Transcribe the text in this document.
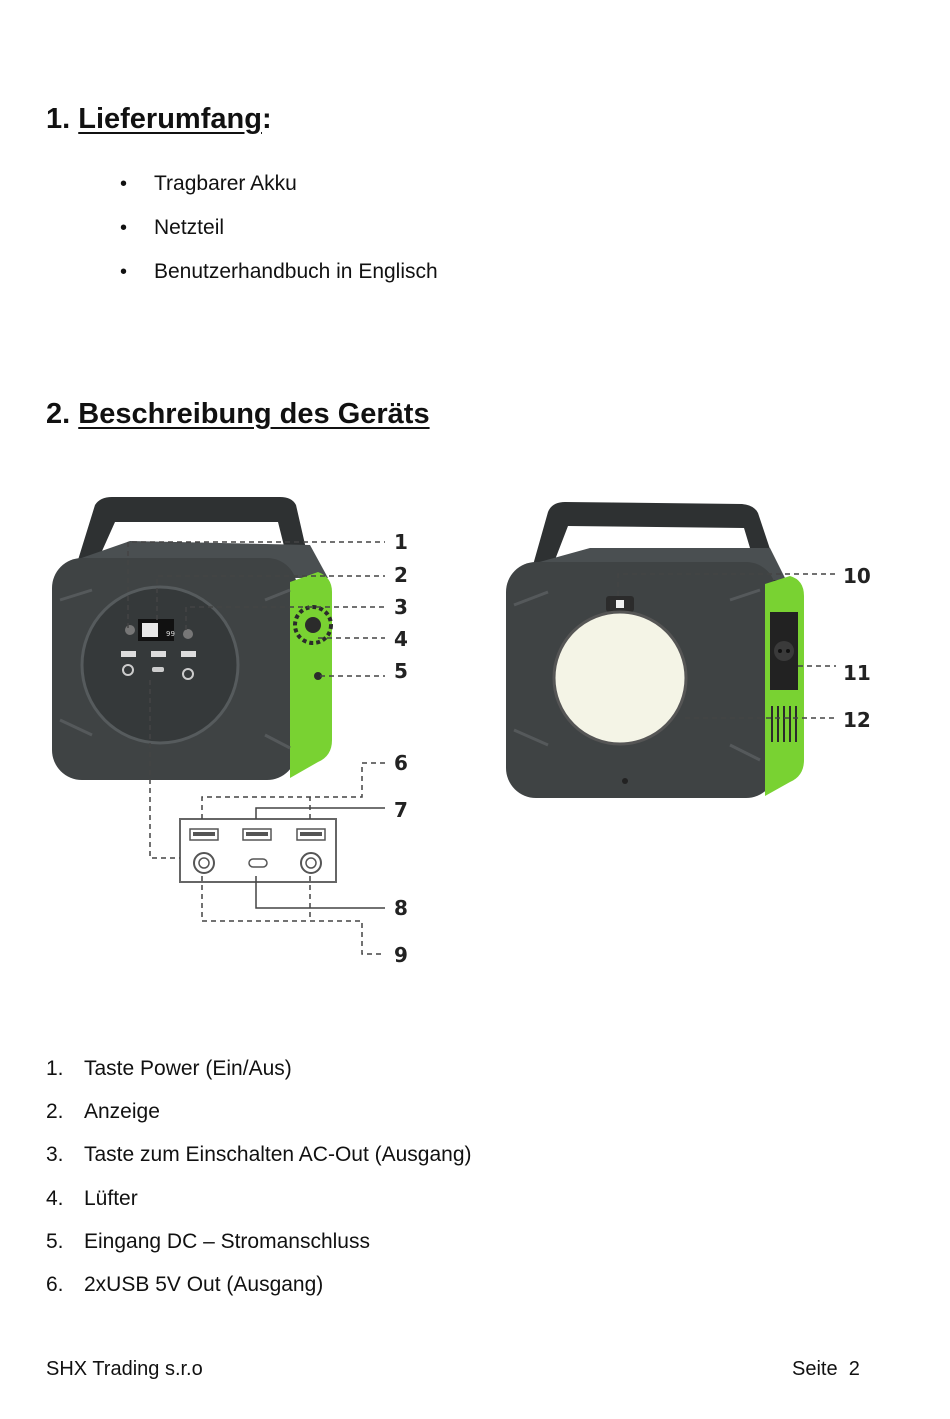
1. Lieferumfang:
• Tragbarer Akku
• Netzteil
• Benutzerhandbuch in Englisch
2. Beschreibung des Geräts
99
1
2
3
4
5
6
7
8
9
10
11
12
1. Taste Power (Ein/Aus)
2. Anzeige
3. Taste zum Einschalten AC-Out (Ausgang)
4. Lüfter
5. Eingang DC – Stromanschluss
6. 2xUSB 5V Out (Ausgang)
SHX Trading s.r.o	Seite  2
